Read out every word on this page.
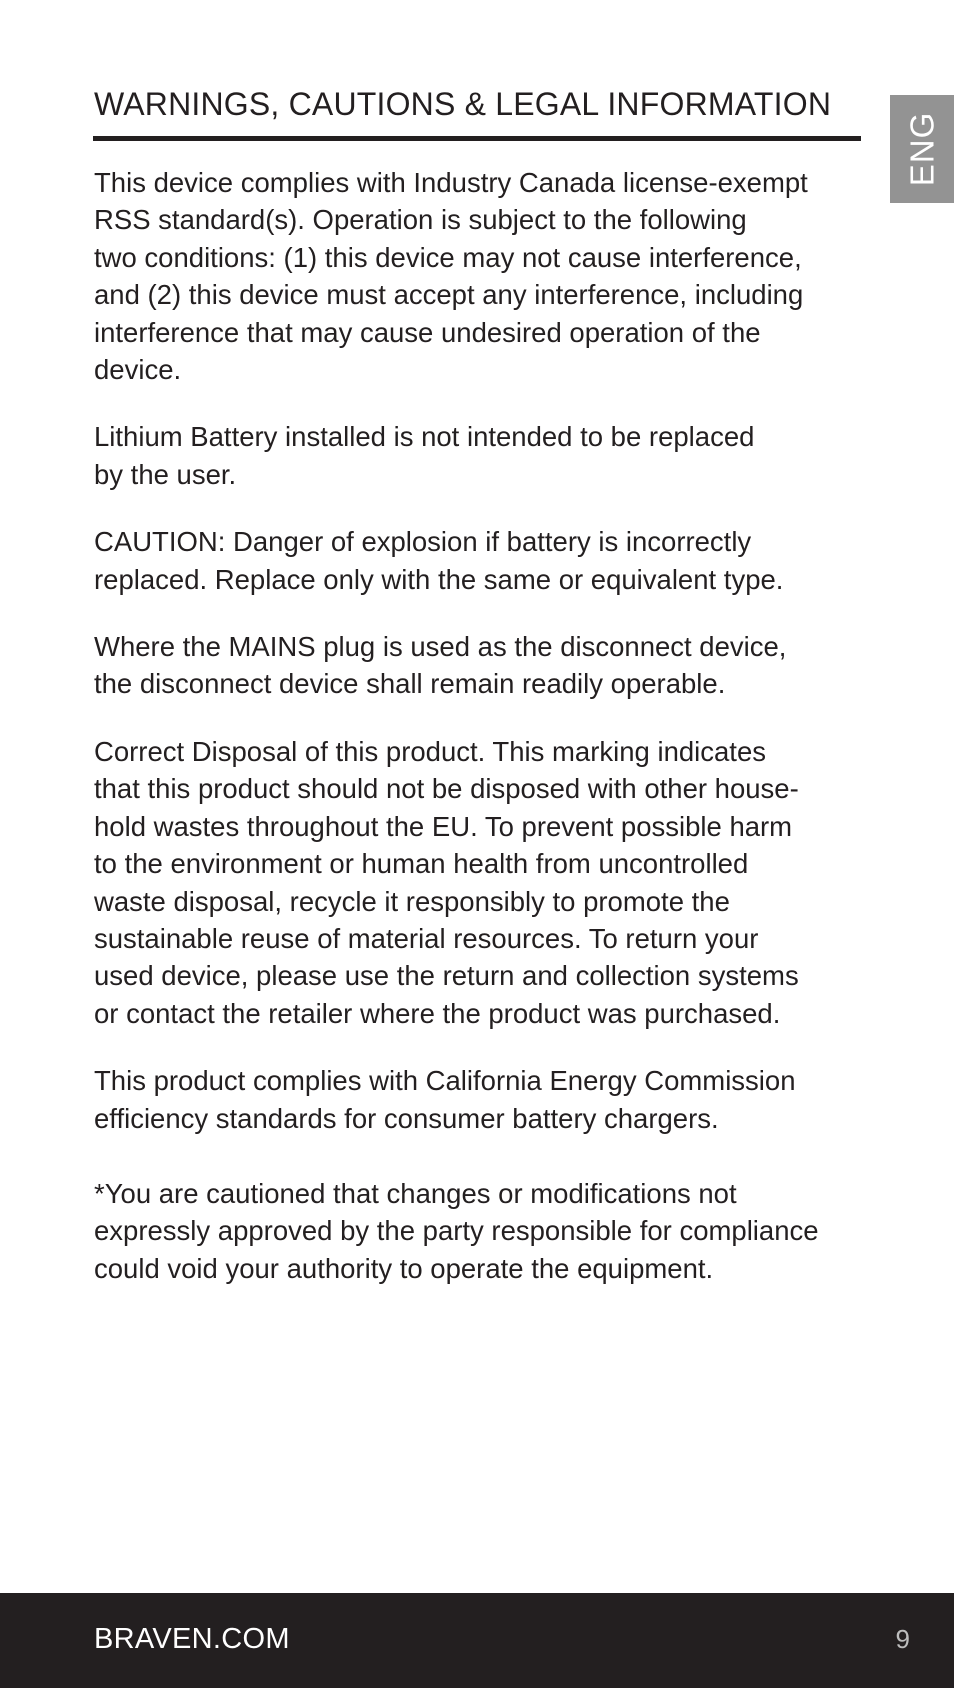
WARNINGS, CAUTIONS & LEGAL INFORMATION
ENG

This device complies with Industry Canada license-exempt
RSS standard(s). Operation is subject to the following
two conditions: (1) this device may not cause interference,
and (2) this device must accept any interference, including
interference that may cause undesired operation of the
device.

Lithium Battery installed is not intended to be replaced
by the user.

CAUTION: Danger of explosion if battery is incorrectly
replaced. Replace only with the same or equivalent type.

Where the MAINS plug is used as the disconnect device,
the disconnect device shall remain readily operable.

Correct Disposal of this product. This marking indicates
that this product should not be disposed with other house-
hold wastes throughout the EU. To prevent possible harm
to the environment or human health from uncontrolled
waste disposal, recycle it responsibly to promote the
sustainable reuse of material resources. To return your
used device, please use the return and collection systems
or contact the retailer where the product was purchased.

This product complies with California Energy Commission
efficiency standards for consumer battery chargers.

*You are cautioned that changes or modifications not
expressly approved by the party responsible for compliance
could void your authority to operate the equipment.

BRAVEN.COM	9
